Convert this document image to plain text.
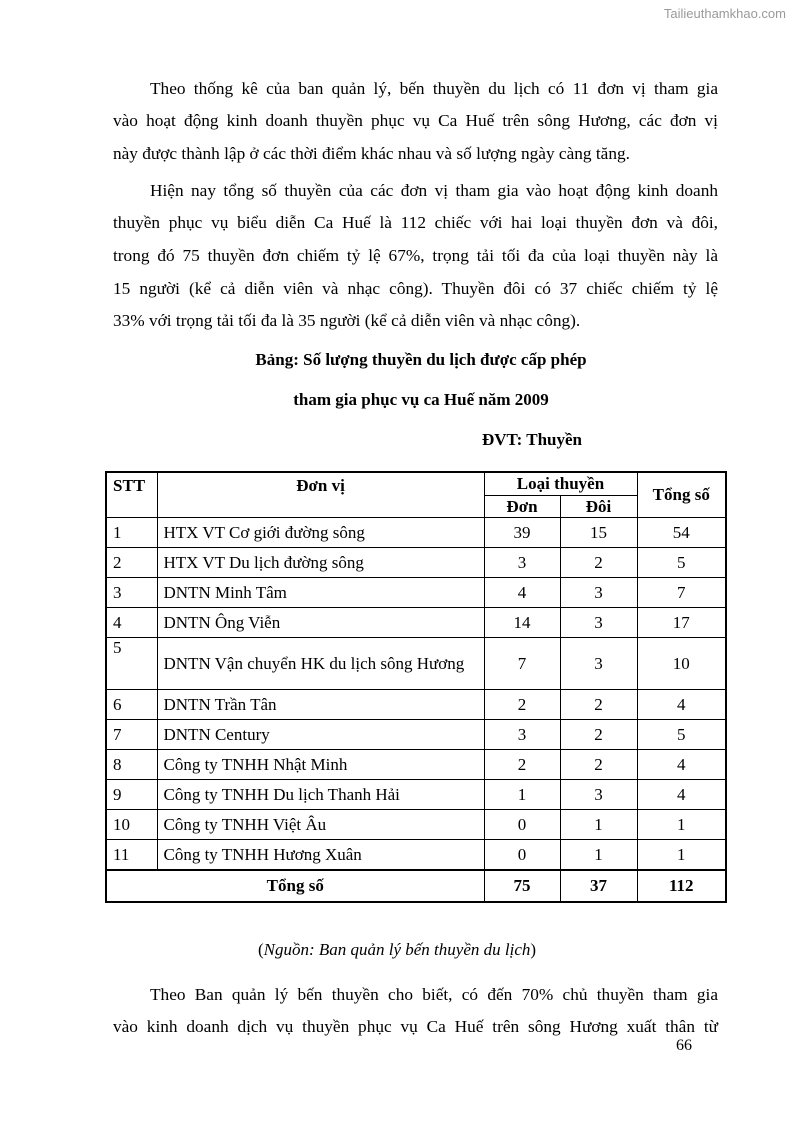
Tailieuthamkhao.com
Theo thống kê của ban quản lý, bến thuyền du lịch có 11 đơn vị tham gia
vào hoạt động kinh doanh thuyền phục vụ Ca Huế trên sông Hương, các đơn vị
này được thành lập ở các thời điểm khác nhau và số lượng ngày càng tăng.
Hiện nay tổng số thuyền của các đơn vị tham gia vào hoạt động kinh doanh
thuyền phục vụ biểu diễn Ca Huế là 112 chiếc với hai loại thuyền đơn và đôi,
trong đó 75 thuyền đơn chiếm tỷ lệ 67%, trọng tải tối đa của loại thuyền này là
15 người (kể cả diễn viên và nhạc công). Thuyền đôi có 37 chiếc chiếm tỷ lệ
33% với trọng tải tối đa là 35 người (kể cả diễn viên và nhạc công).
Bảng: Số lượng thuyền du lịch được cấp phép
tham gia phục vụ ca Huế năm 2009
ĐVT: Thuyền
STT	Đơn vị	Loại thuyền		Tổng số
		Đơn	Đôi	
1	HTX VT Cơ giới đường sông	39	15	54
2	HTX VT Du lịch đường sông	3	2	5
3	DNTN Minh Tâm	4	3	7
4	DNTN Ông Viễn	14	3	17
5	DNTN Vận chuyển HK du lịch sông Hương	7	3	10
6	DNTN Trần Tân	2	2	4
7	DNTN Century	3	2	5
8	Công ty TNHH Nhật Minh	2	2	4
9	Công ty TNHH Du lịch Thanh Hải	1	3	4
10	Công ty TNHH Việt Âu	0	1	1
11	Công ty TNHH Hương Xuân	0	1	1
Tổng số		75	37	112
(Nguồn: Ban quản lý bến thuyền du lịch)
Theo Ban quản lý bến thuyền cho biết, có đến 70% chủ thuyền tham gia
vào kinh doanh dịch vụ thuyền phục vụ Ca Huế trên sông Hương xuất thân từ
66
